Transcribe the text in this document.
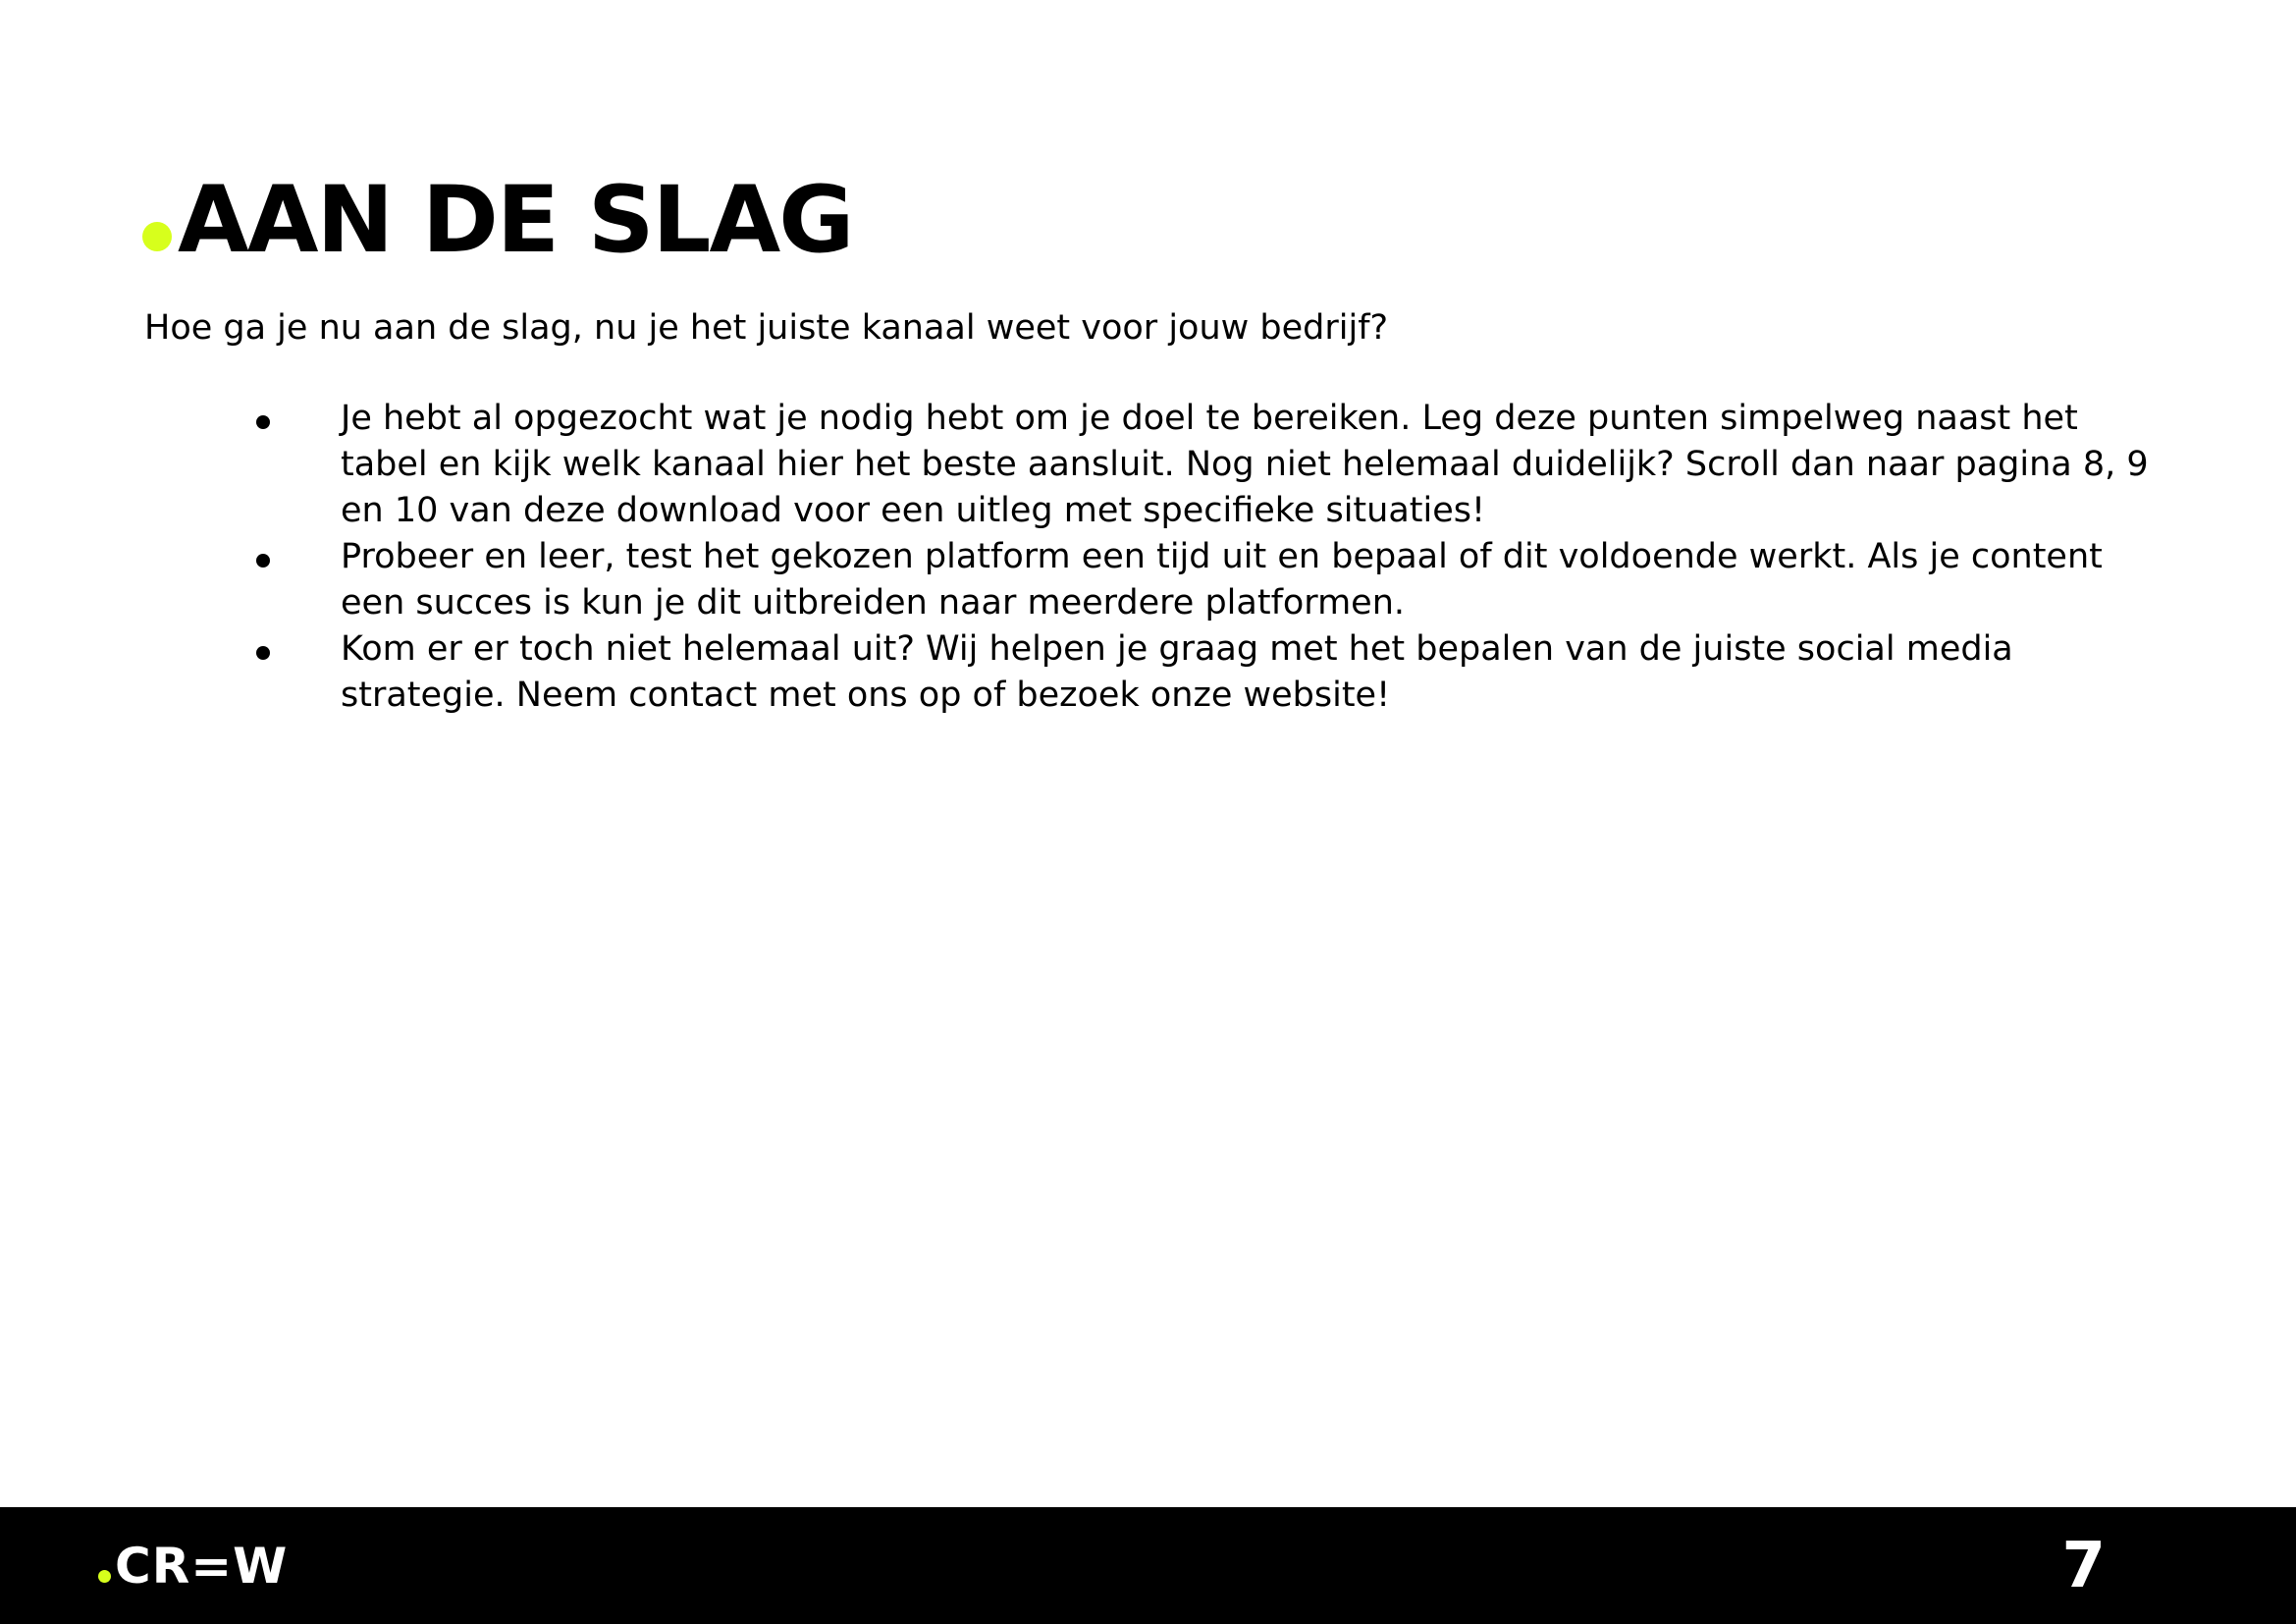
AAN DE SLAG

Hoe ga je nu aan de slag, nu je het juiste kanaal weet voor jouw bedrijf?

Je hebt al opgezocht wat je nodig hebt om je doel te bereiken. Leg deze punten simpelweg naast het tabel en kijk welk kanaal hier het beste aansluit. Nog niet helemaal duidelijk? Scroll dan naar pagina 8, 9 en 10 van deze download voor een uitleg met specifieke situaties!
Probeer en leer, test het gekozen platform een tijd uit en bepaal of dit voldoende werkt. Als je content een succes is kun je dit uitbreiden naar meerdere platformen.
Kom er er toch niet helemaal uit? Wij helpen je graag met het bepalen van de juiste social media strategie. Neem contact met ons op of bezoek onze website!
CR=W	7
